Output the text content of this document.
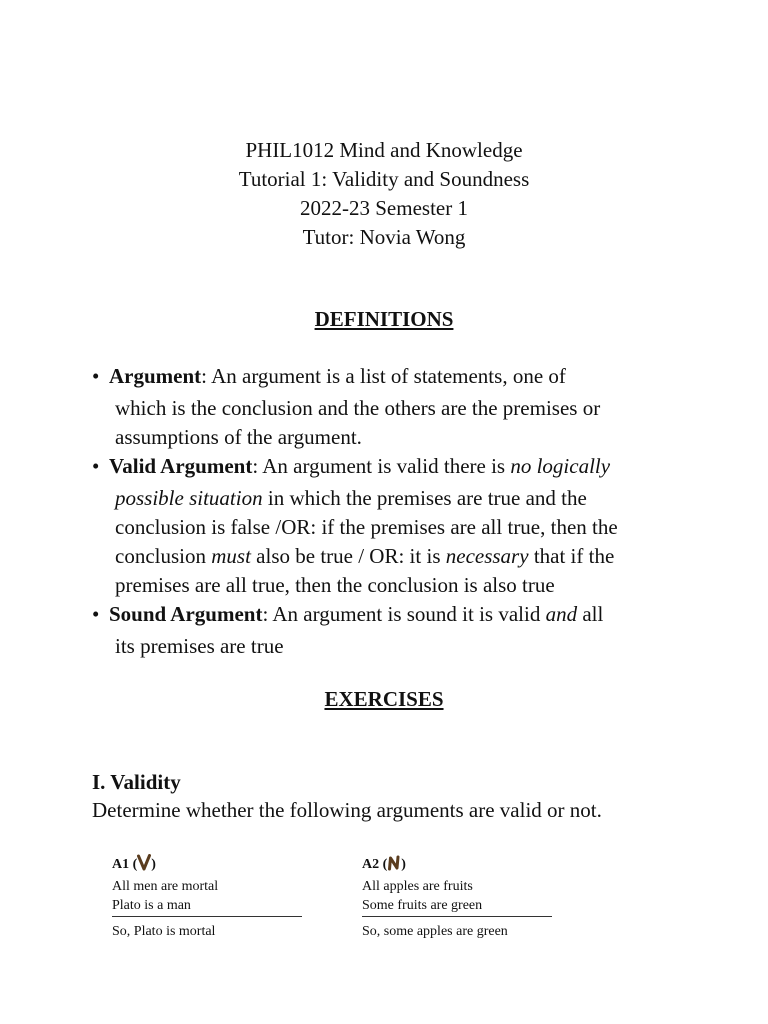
PHIL1012 Mind and Knowledge
Tutorial 1: Validity and Soundness
2022-23 Semester 1
Tutor: Novia Wong
DEFINITIONS
• Argument: An argument is a list of statements, one of
which is the conclusion and the others are the premises or
assumptions of the argument.
• Valid Argument: An argument is valid there is no logically
possible situation in which the premises are true and the
conclusion is false /OR: if the premises are all true, then the
conclusion must also be true / OR: it is necessary that if the
premises are all true, then the conclusion is also true
• Sound Argument: An argument is sound it is valid and all
its premises are true
EXERCISES
I. Validity
Determine whether the following arguments are valid or not.
A1 ( )
All men are mortal
Plato is a man
So, Plato is mortal
A2 ( )
All apples are fruits
Some fruits are green
So, some apples are green
